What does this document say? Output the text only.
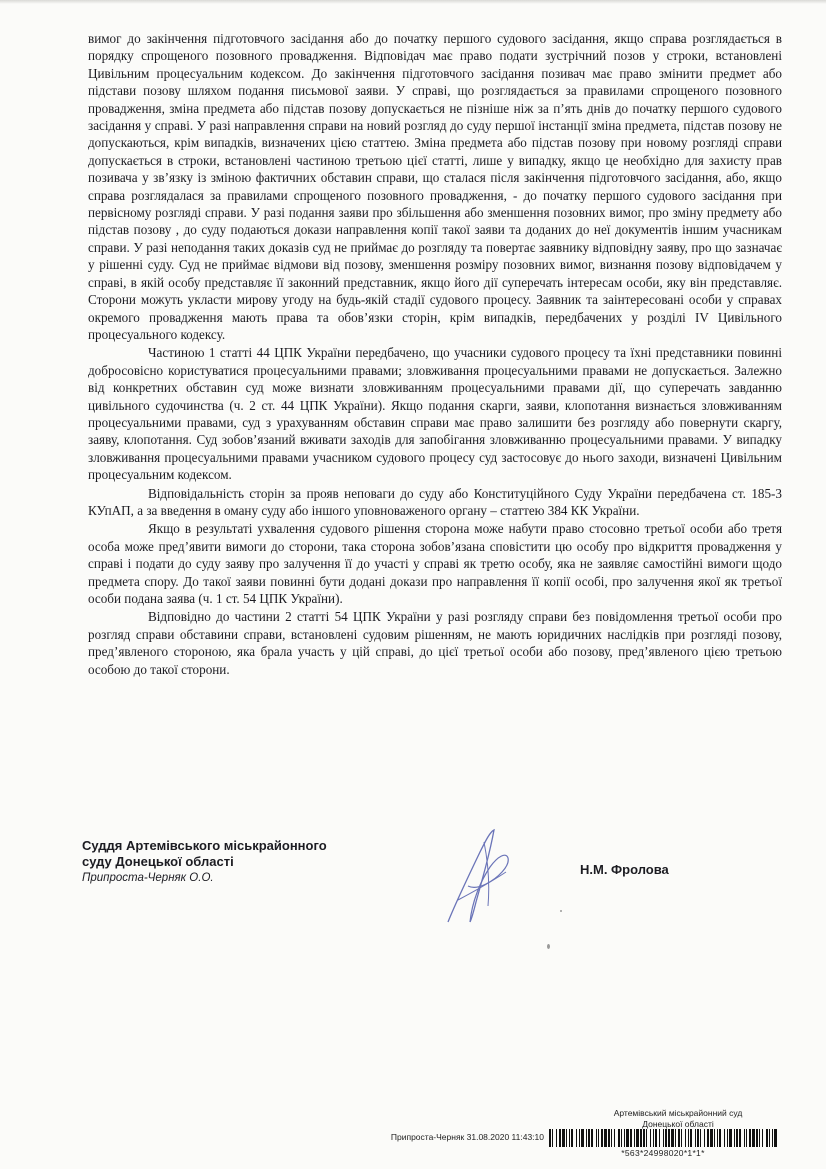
вимог до закінчення підготовчого засідання або до початку першого судового засідання, якщо справа розглядається в порядку спрощеного позовного провадження. Відповідач має право подати зустрічний позов у строки, встановлені Цивільним процесуальним кодексом. До закінчення підготовчого засідання позивач має право змінити предмет або підстави позову шляхом подання письмової заяви. У справі, що розглядається за правилами спрощеного позовного провадження, зміна предмета або підстав позову допускається не пізніше ніж за п’ять днів до початку першого судового засідання у справі. У разі направлення справи на новий розгляд до суду першої інстанції зміна предмета, підстав позову не допускаються, крім випадків, визначених цією статтею. Зміна предмета або підстав позову при новому розгляді справи допускається в строки, встановлені частиною третьою цієї статті, лише у випадку, якщо це необхідно для захисту прав позивача у зв’язку із зміною фактичних обставин справи, що сталася після закінчення підготовчого засідання, або, якщо справа розглядалася за правилами спрощеного позовного провадження, - до початку першого судового засідання при первісному розгляді справи. У разі подання заяви про збільшення або зменшення позовних вимог, про зміну предмету або підстав позову , до суду подаються докази направлення копії такої заяви та доданих до неї документів іншим учасникам справи. У разі неподання таких доказів суд не приймає до розгляду та повертає заявнику відповідну заяву, про що зазначає у рішенні суду. Суд не приймає відмови від позову, зменшення розміру позовних вимог, визнання позову відповідачем у справі, в якій особу представляє її законний представник, якщо його дії суперечать інтересам особи, яку він представляє. Сторони можуть укласти мирову угоду на будь-якій стадії судового процесу. Заявник та заінтересовані особи у справах окремого провадження мають права та обов’язки сторін, крім випадків, передбачених у розділі IV Цивільного процесуального кодексу.

Частиною 1 статті 44 ЦПК України передбачено, що учасники судового процесу та їхні представники повинні добросовісно користуватися процесуальними правами; зловживання процесуальними правами не допускається. Залежно від конкретних обставин суд може визнати зловживанням процесуальними правами дії, що суперечать завданню цивільного судочинства (ч. 2 ст. 44 ЦПК України). Якщо подання скарги, заяви, клопотання визнається зловживанням процесуальними правами, суд з урахуванням обставин справи має право залишити без розгляду або повернути скаргу, заяву, клопотання. Суд зобов’язаний вживати заходів для запобігання зловживанню процесуальними правами. У випадку зловживання процесуальними правами учасником судового процесу суд застосовує до нього заходи, визначені Цивільним процесуальним кодексом.

Відповідальність сторін за прояв неповаги до суду або Конституційного Суду України передбачена ст. 185-3 КУпАП, а за введення в оману суду або іншого уповноваженого органу – статтею 384 КК України.

Якщо в результаті ухвалення судового рішення сторона може набути право стосовно третьої особи або третя особа може пред’явити вимоги до сторони, така сторона зобов’язана сповістити цю особу про відкриття провадження у справі і подати до суду заяву про залучення її до участі у справі як третю особу, яка не заявляє самостійні вимоги щодо предмета спору. До такої заяви повинні бути додані докази про направлення її копії особі, про залучення якої як третьої особи подана заява (ч. 1 ст. 54 ЦПК України).

Відповідно до частини 2 статті 54 ЦПК України у разі розгляду справи без повідомлення третьої особи про розгляд справи обставини справи, встановлені судовим рішенням, не мають юридичних наслідків при розгляді позову, пред’явленого стороною, яка брала участь у цій справі, до цієї третьої особи або позову, пред’явленого цією третьою особою до такої сторони.

Суддя Артемівського міськрайонного
суду Донецької області
Припроста-Черняк О.О.
Н.М. Фролова
Артемівський міськрайонний суд
Донецької області
Припроста-Черняк 31.08.2020 11:43:10
*563*24998020*1*1*
